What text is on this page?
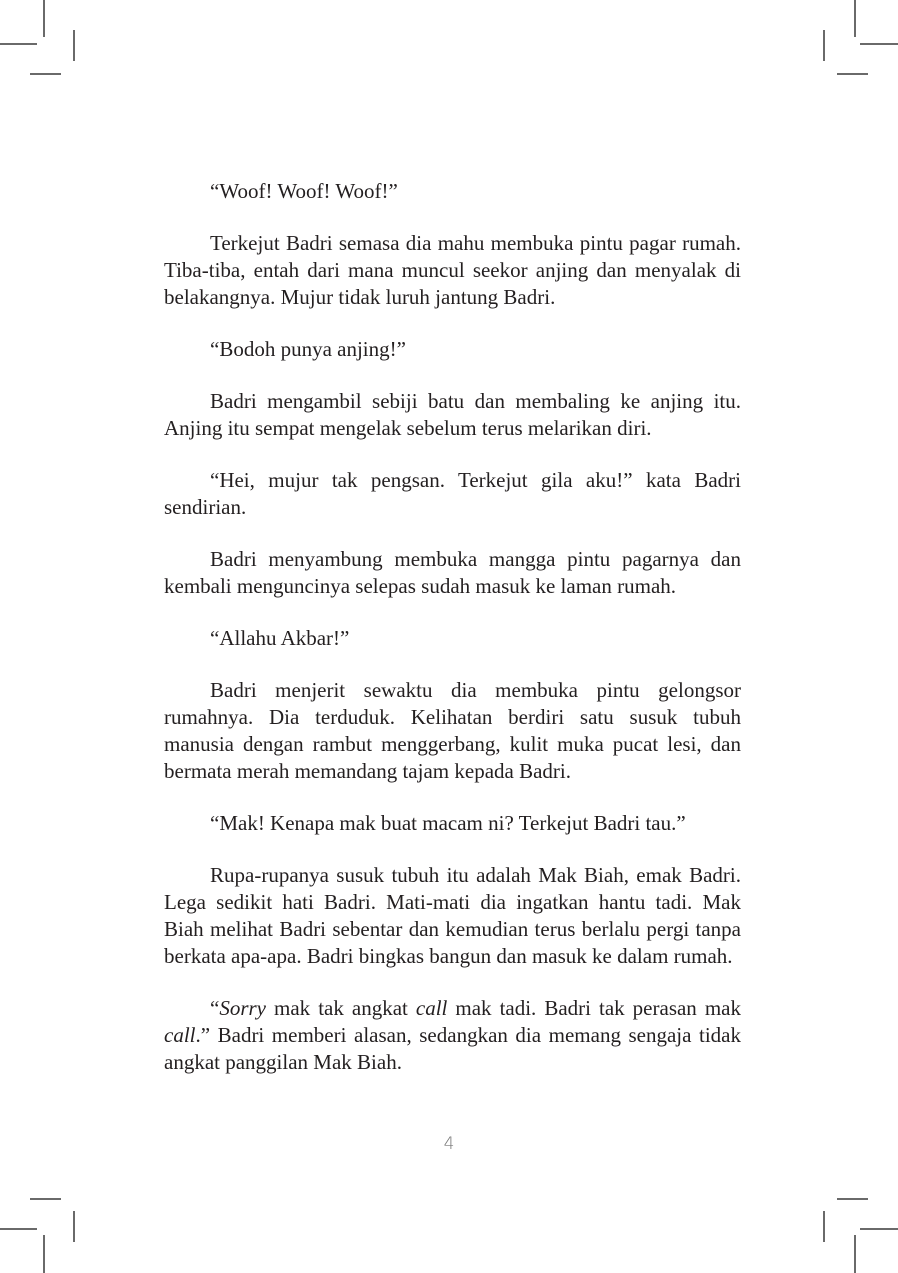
“Woof! Woof! Woof!”

Terkejut Badri semasa dia mahu membuka pintu pagar rumah. Tiba-tiba, entah dari mana muncul seekor anjing dan menyalak di belakangnya. Mujur tidak luruh jantung Badri.

“Bodoh punya anjing!”

Badri mengambil sebiji batu dan membaling ke anjing itu. Anjing itu sempat mengelak sebelum terus melarikan diri.

“Hei, mujur tak pengsan. Terkejut gila aku!” kata Badri sendirian.

Badri menyambung membuka mangga pintu pagarnya dan kembali menguncinya selepas sudah masuk ke laman rumah.

“Allahu Akbar!”

Badri menjerit sewaktu dia membuka pintu gelongsor rumahnya. Dia terduduk. Kelihatan berdiri satu susuk tubuh manusia dengan rambut menggerbang, kulit muka pucat lesi, dan bermata merah memandang tajam kepada Badri.

“Mak! Kenapa mak buat macam ni? Terkejut Badri tau.”

Rupa-rupanya susuk tubuh itu adalah Mak Biah, emak Badri. Lega sedikit hati Badri. Mati-mati dia ingatkan hantu tadi. Mak Biah melihat Badri sebentar dan kemudian terus berlalu pergi tanpa berkata apa-apa. Badri bingkas bangun dan masuk ke dalam rumah.

“Sorry mak tak angkat call mak tadi. Badri tak perasan mak call.” Badri memberi alasan, sedangkan dia memang sengaja tidak angkat panggilan Mak Biah.

4
